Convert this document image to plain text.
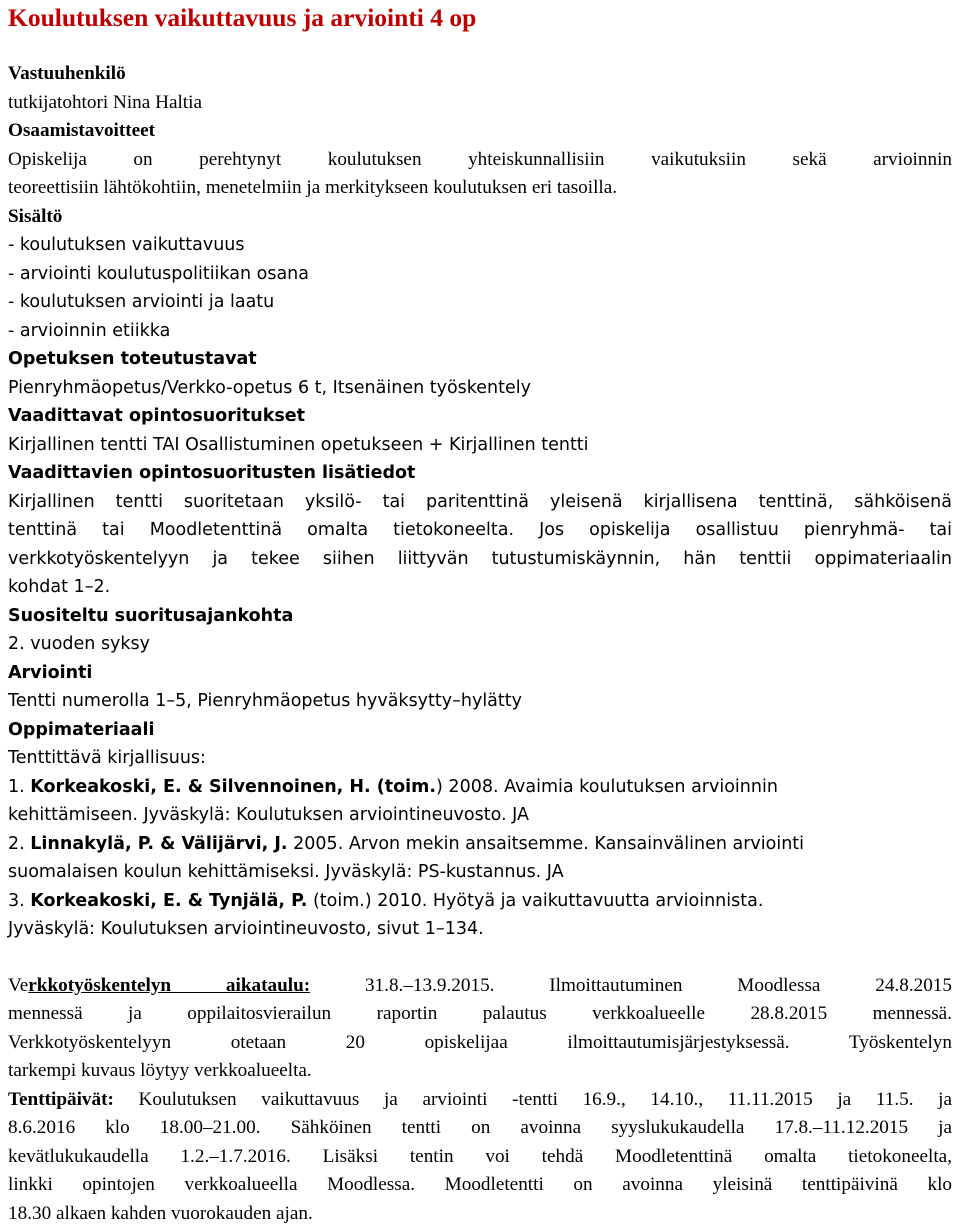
Koulutuksen vaikuttavuus ja arviointi 4 op
Vastuuhenkilö
tutkijatohtori Nina Haltia
Osaamistavoitteet
Opiskelija on perehtynyt koulutuksen yhteiskunnallisiin vaikutuksiin sekä arvioinnin
teoreettisiin lähtökohtiin, menetelmiin ja merkitykseen koulutuksen eri tasoilla.
Sisältö
- koulutuksen vaikuttavuus
- arviointi koulutuspolitiikan osana
- koulutuksen arviointi ja laatu
- arvioinnin etiikka
Opetuksen toteutustavat
Pienryhmäopetus/Verkko-opetus 6 t, Itsenäinen työskentely
Vaadittavat opintosuoritukset
Kirjallinen tentti TAI Osallistuminen opetukseen + Kirjallinen tentti
Vaadittavien opintosuoritusten lisätiedot
Kirjallinen tentti suoritetaan yksilö- tai paritenttinä yleisenä kirjallisena tenttinä, sähköisenä
tenttinä tai Moodletenttinä omalta tietokoneelta. Jos opiskelija osallistuu pienryhmä- tai
verkkotyöskentelyyn ja tekee siihen liittyvän tutustumiskäynnin, hän tenttii oppimateriaalin
kohdat 1–2.
Suositeltu suoritusajankohta
2. vuoden syksy
Arviointi
Tentti numerolla 1–5, Pienryhmäopetus hyväksytty–hylätty
Oppimateriaali
Tenttittävä kirjallisuus:
1. Korkeakoski, E. & Silvennoinen, H. (toim.) 2008. Avaimia koulutuksen arvioinnin
kehittämiseen. Jyväskylä: Koulutuksen arviointineuvosto. JA
2. Linnakylä, P. & Välijärvi, J. 2005. Arvon mekin ansaitsemme. Kansainvälinen arviointi
suomalaisen koulun kehittämiseksi. Jyväskylä: PS-kustannus. JA
3. Korkeakoski, E. & Tynjälä, P. (toim.) 2010. Hyötyä ja vaikuttavuutta arvioinnista.
Jyväskylä: Koulutuksen arviointineuvosto, sivut 1–134.
Verkkotyöskentelyn aikataulu: 31.8.–13.9.2015. Ilmoittautuminen Moodlessa 24.8.2015
mennessä ja oppilaitosvierailun raportin palautus verkkoalueelle 28.8.2015 mennessä.
Verkkotyöskentelyyn otetaan 20 opiskelijaa ilmoittautumisjärjestyksessä. Työskentelyn
tarkempi kuvaus löytyy verkkoalueelta.
Tenttipäivät: Koulutuksen vaikuttavuus ja arviointi -tentti 16.9., 14.10., 11.11.2015 ja 11.5. ja
8.6.2016 klo 18.00–21.00. Sähköinen tentti on avoinna syyslukukaudella 17.8.–11.12.2015 ja
kevätlukukaudella 1.2.–1.7.2016. Lisäksi tentin voi tehdä Moodletenttinä omalta tietokoneelta,
linkki opintojen verkkoalueella Moodlessa. Moodletentti on avoinna yleisinä tenttipäivinä klo
18.30 alkaen kahden vuorokauden ajan.
